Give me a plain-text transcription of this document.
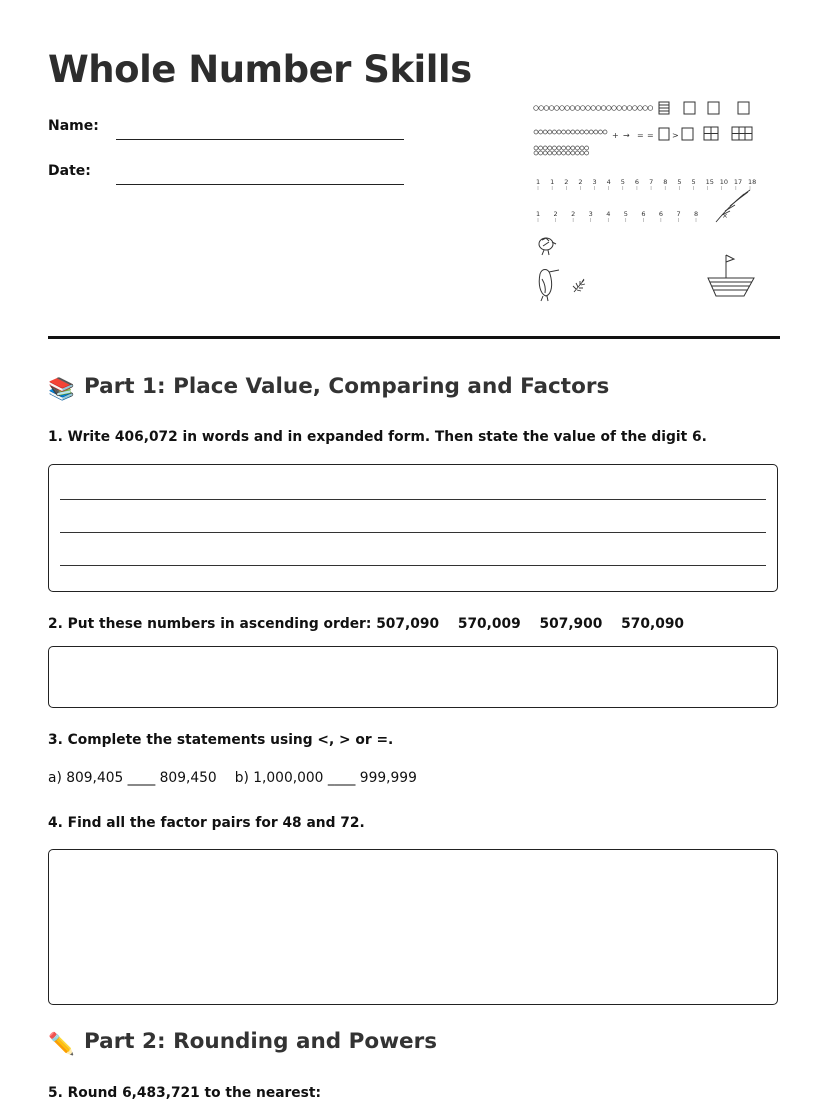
Whole Number Skills
Name:
Date:
+ → = = >
1 1 2 2 3 4 5 6 7 8 5 5 15 10 17 18
1 2 2 3 4 5 6 6 7 8	×
📚 Part 1: Place Value, Comparing and Factors
1. Write 406,072 in words and in expanded form. Then state the value of the digit 6.
2. Put these numbers in ascending order: 507,090 570,009 507,900 570,090
3. Complete the statements using <, > or =.
a) 809,405 ____ 809,450 b) 1,000,000 ____ 999,999
4. Find all the factor pairs for 48 and 72.
✏️ Part 2: Rounding and Powers
5. Round 6,483,721 to the nearest:
